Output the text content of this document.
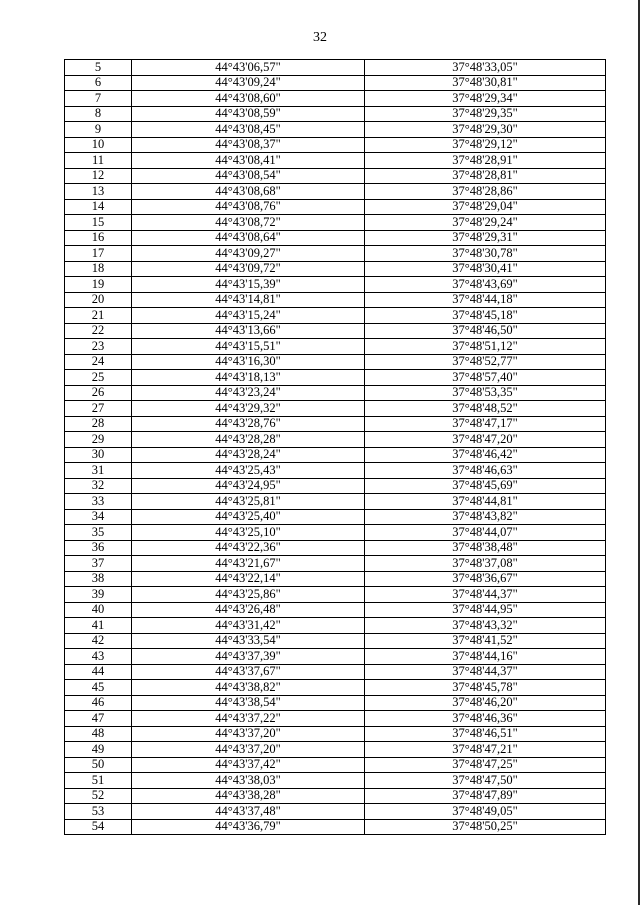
32
5	44°43'06,57"	37°48'33,05"
6	44°43'09,24"	37°48'30,81"
7	44°43'08,60"	37°48'29,34"
8	44°43'08,59"	37°48'29,35"
9	44°43'08,45"	37°48'29,30"
10	44°43'08,37"	37°48'29,12"
11	44°43'08,41"	37°48'28,91"
12	44°43'08,54"	37°48'28,81"
13	44°43'08,68"	37°48'28,86"
14	44°43'08,76"	37°48'29,04"
15	44°43'08,72"	37°48'29,24"
16	44°43'08,64"	37°48'29,31"
17	44°43'09,27"	37°48'30,78"
18	44°43'09,72"	37°48'30,41"
19	44°43'15,39"	37°48'43,69"
20	44°43'14,81"	37°48'44,18"
21	44°43'15,24"	37°48'45,18"
22	44°43'13,66"	37°48'46,50"
23	44°43'15,51"	37°48'51,12"
24	44°43'16,30"	37°48'52,77"
25	44°43'18,13"	37°48'57,40"
26	44°43'23,24"	37°48'53,35"
27	44°43'29,32"	37°48'48,52"
28	44°43'28,76"	37°48'47,17"
29	44°43'28,28"	37°48'47,20"
30	44°43'28,24"	37°48'46,42"
31	44°43'25,43"	37°48'46,63"
32	44°43'24,95"	37°48'45,69"
33	44°43'25,81"	37°48'44,81"
34	44°43'25,40"	37°48'43,82"
35	44°43'25,10"	37°48'44,07"
36	44°43'22,36"	37°48'38,48"
37	44°43'21,67"	37°48'37,08"
38	44°43'22,14"	37°48'36,67"
39	44°43'25,86"	37°48'44,37"
40	44°43'26,48"	37°48'44,95"
41	44°43'31,42"	37°48'43,32"
42	44°43'33,54"	37°48'41,52"
43	44°43'37,39"	37°48'44,16"
44	44°43'37,67"	37°48'44,37"
45	44°43'38,82"	37°48'45,78"
46	44°43'38,54"	37°48'46,20"
47	44°43'37,22"	37°48'46,36"
48	44°43'37,20"	37°48'46,51"
49	44°43'37,20"	37°48'47,21"
50	44°43'37,42"	37°48'47,25"
51	44°43'38,03"	37°48'47,50"
52	44°43'38,28"	37°48'47,89"
53	44°43'37,48"	37°48'49,05"
54	44°43'36,79"	37°48'50,25"
